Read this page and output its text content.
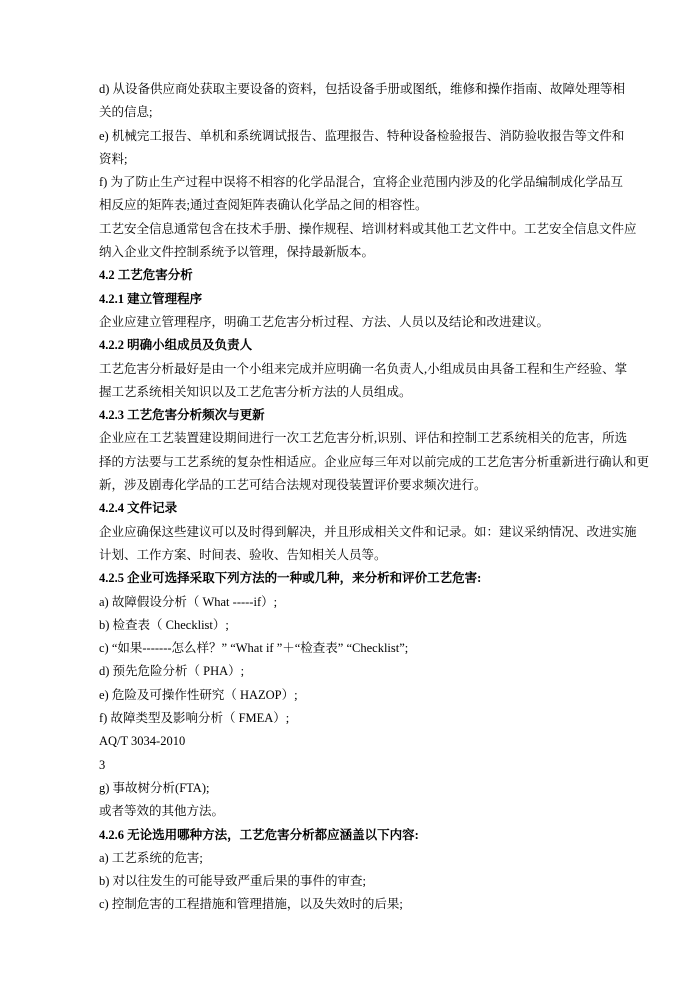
d) 从设备供应商处获取主要设备的资料，包括设备手册或图纸，维修和操作指南、故障处理等相
关的信息;
e) 机械完工报告、单机和系统调试报告、监理报告、特种设备检验报告、消防验收报告等文件和
资料;
f) 为了防止生产过程中误将不相容的化学品混合，宜将企业范围内涉及的化学品编制成化学品互
相反应的矩阵表;通过查阅矩阵表确认化学品之间的相容性。
工艺安全信息通常包含在技术手册、操作规程、培训材料或其他工艺文件中。工艺安全信息文件应
纳入企业文件控制系统予以管理，保持最新版本。
4.2 工艺危害分析
4.2.1 建立管理程序
企业应建立管理程序，明确工艺危害分析过程、方法、人员以及结论和改进建议。
4.2.2 明确小组成员及负责人
工艺危害分析最好是由一个小组来完成并应明确一名负责人,小组成员由具备工程和生产经验、掌
握工艺系统相关知识以及工艺危害分析方法的人员组成。
4.2.3 工艺危害分析频次与更新
企业应在工艺装置建设期间进行一次工艺危害分析,识别、评估和控制工艺系统相关的危害，所选
择的方法要与工艺系统的复杂性相适应。企业应每三年对以前完成的工艺危害分析重新进行确认和更
新，涉及剧毒化学品的工艺可结合法规对现役装置评价要求频次进行。
4.2.4 文件记录
企业应确保这些建议可以及时得到解决，并且形成相关文件和记录。如：建议采纳情况、改进实施
计划、工作方案、时间表、验收、告知相关人员等。
4.2.5 企业可选择采取下列方法的一种或几种，来分析和评价工艺危害:
a) 故障假设分析（ What -----if）;
b) 检查表（ Checklist）;
c) “如果-------怎么样？” “What if ”＋“检查表” “Checklist”;
d) 预先危险分析（ PHA）;
e) 危险及可操作性研究（ HAZOP）;
f) 故障类型及影响分析（ FMEA）;
AQ/T 3034-2010
3
g) 事故树分析(FTA);
或者等效的其他方法。
4.2.6 无论选用哪种方法，工艺危害分析都应涵盖以下内容:
a) 工艺系统的危害;
b) 对以往发生的可能导致严重后果的事件的审查;
c) 控制危害的工程措施和管理措施，以及失效时的后果;
